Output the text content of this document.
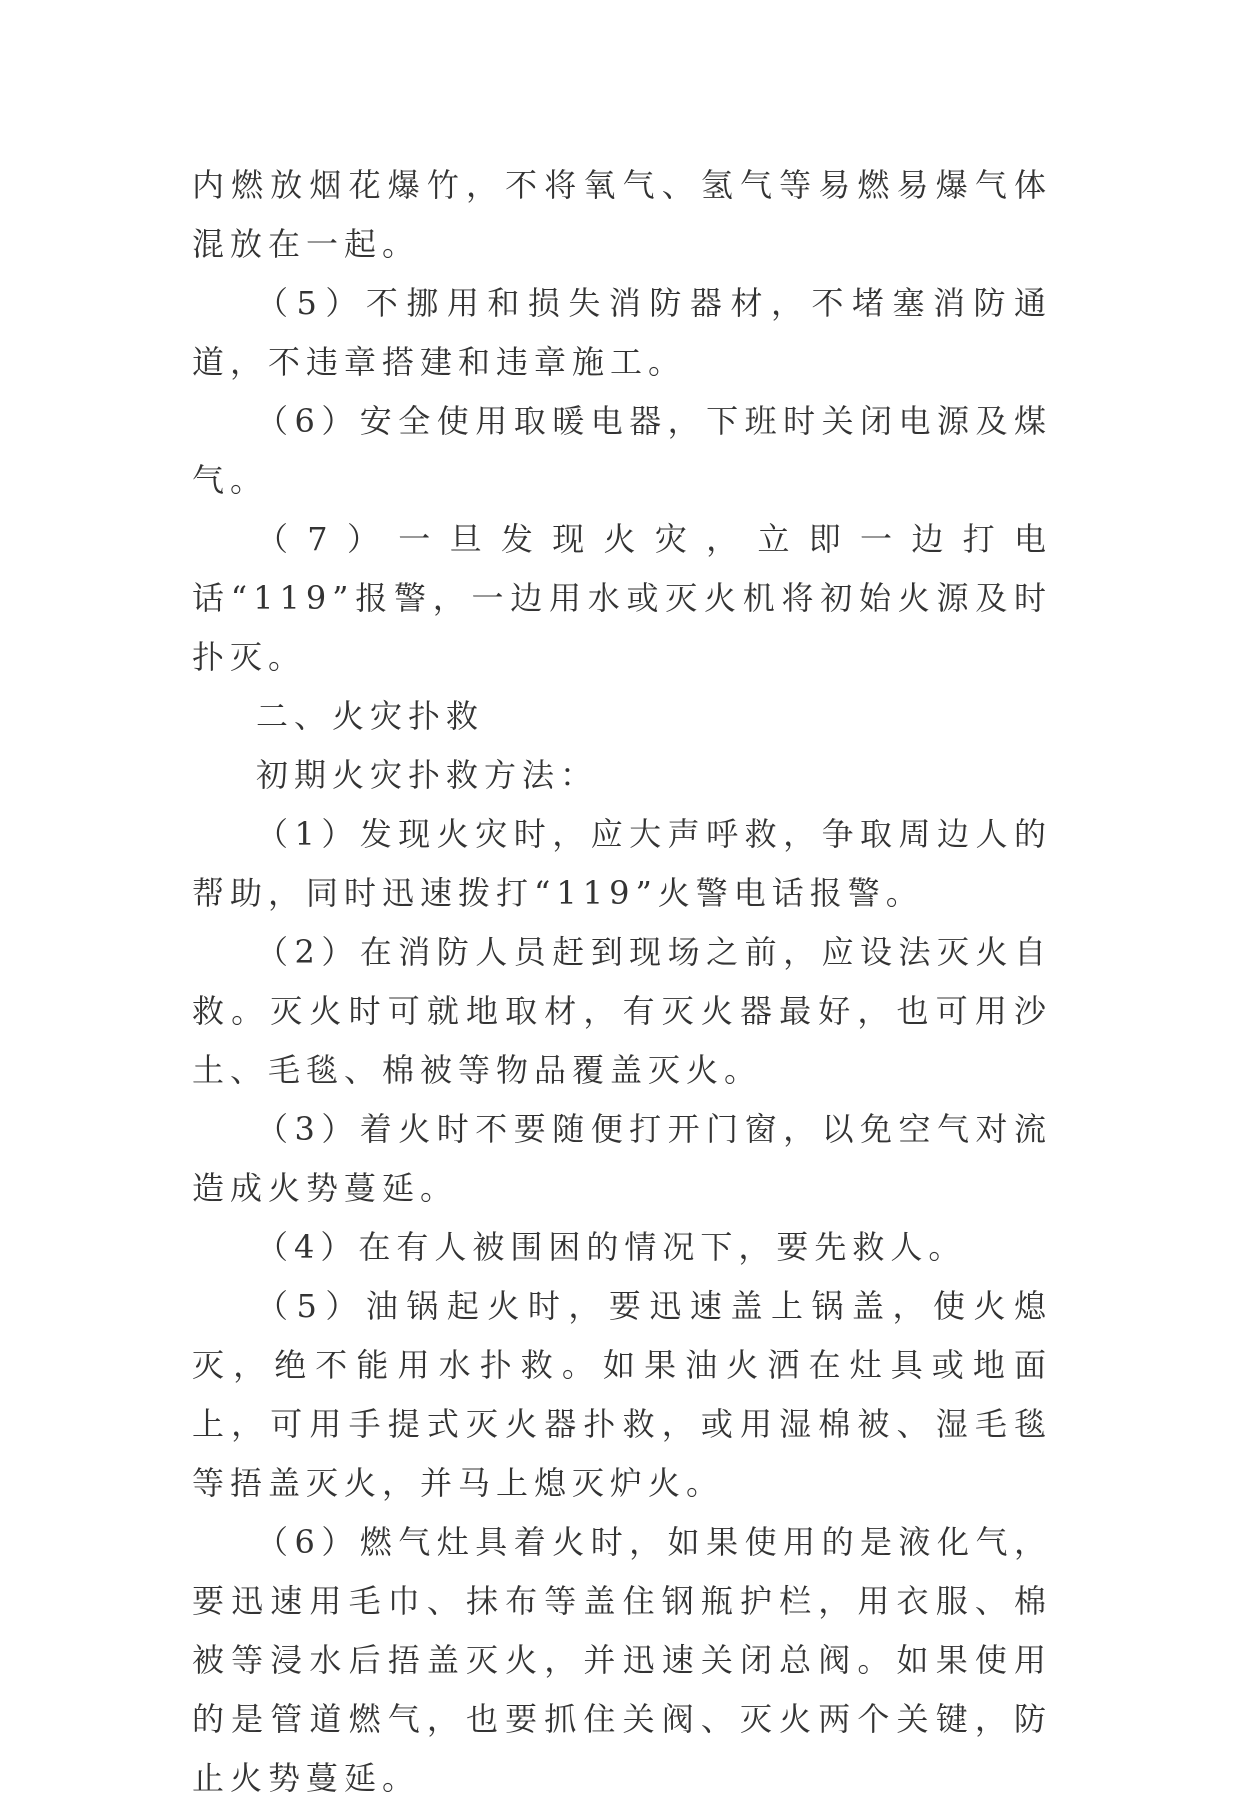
内燃放烟花爆竹，不将氧气、氢气等易燃易爆气体混放在一起。

（5）不挪用和损失消防器材，不堵塞消防通道，不违章搭建和违章施工。

（6）安全使用取暖电器，下班时关闭电源及煤气。

（7）一旦发现火灾，立即一边打电话“119”报警，一边用水或灭火机将初始火源及时扑灭。

二、火灾扑救

初期火灾扑救方法：

（1）发现火灾时，应大声呼救，争取周边人的帮助，同时迅速拨打“119”火警电话报警。

（2）在消防人员赶到现场之前，应设法灭火自救。灭火时可就地取材，有灭火器最好，也可用沙土、毛毯、棉被等物品覆盖灭火。

（3）着火时不要随便打开门窗，以免空气对流造成火势蔓延。

（4）在有人被围困的情况下，要先救人。

（5）油锅起火时，要迅速盖上锅盖，使火熄灭，绝不能用水扑救。如果油火洒在灶具或地面上，可用手提式灭火器扑救，或用湿棉被、湿毛毯等捂盖灭火，并马上熄灭炉火。

（6）燃气灶具着火时，如果使用的是液化气，要迅速用毛巾、抹布等盖住钢瓶护栏，用衣服、棉被等浸水后捂盖灭火，并迅速关闭总阀。如果使用的是管道燃气，也要抓住关阀、灭火两个关键，防止火势蔓延。
